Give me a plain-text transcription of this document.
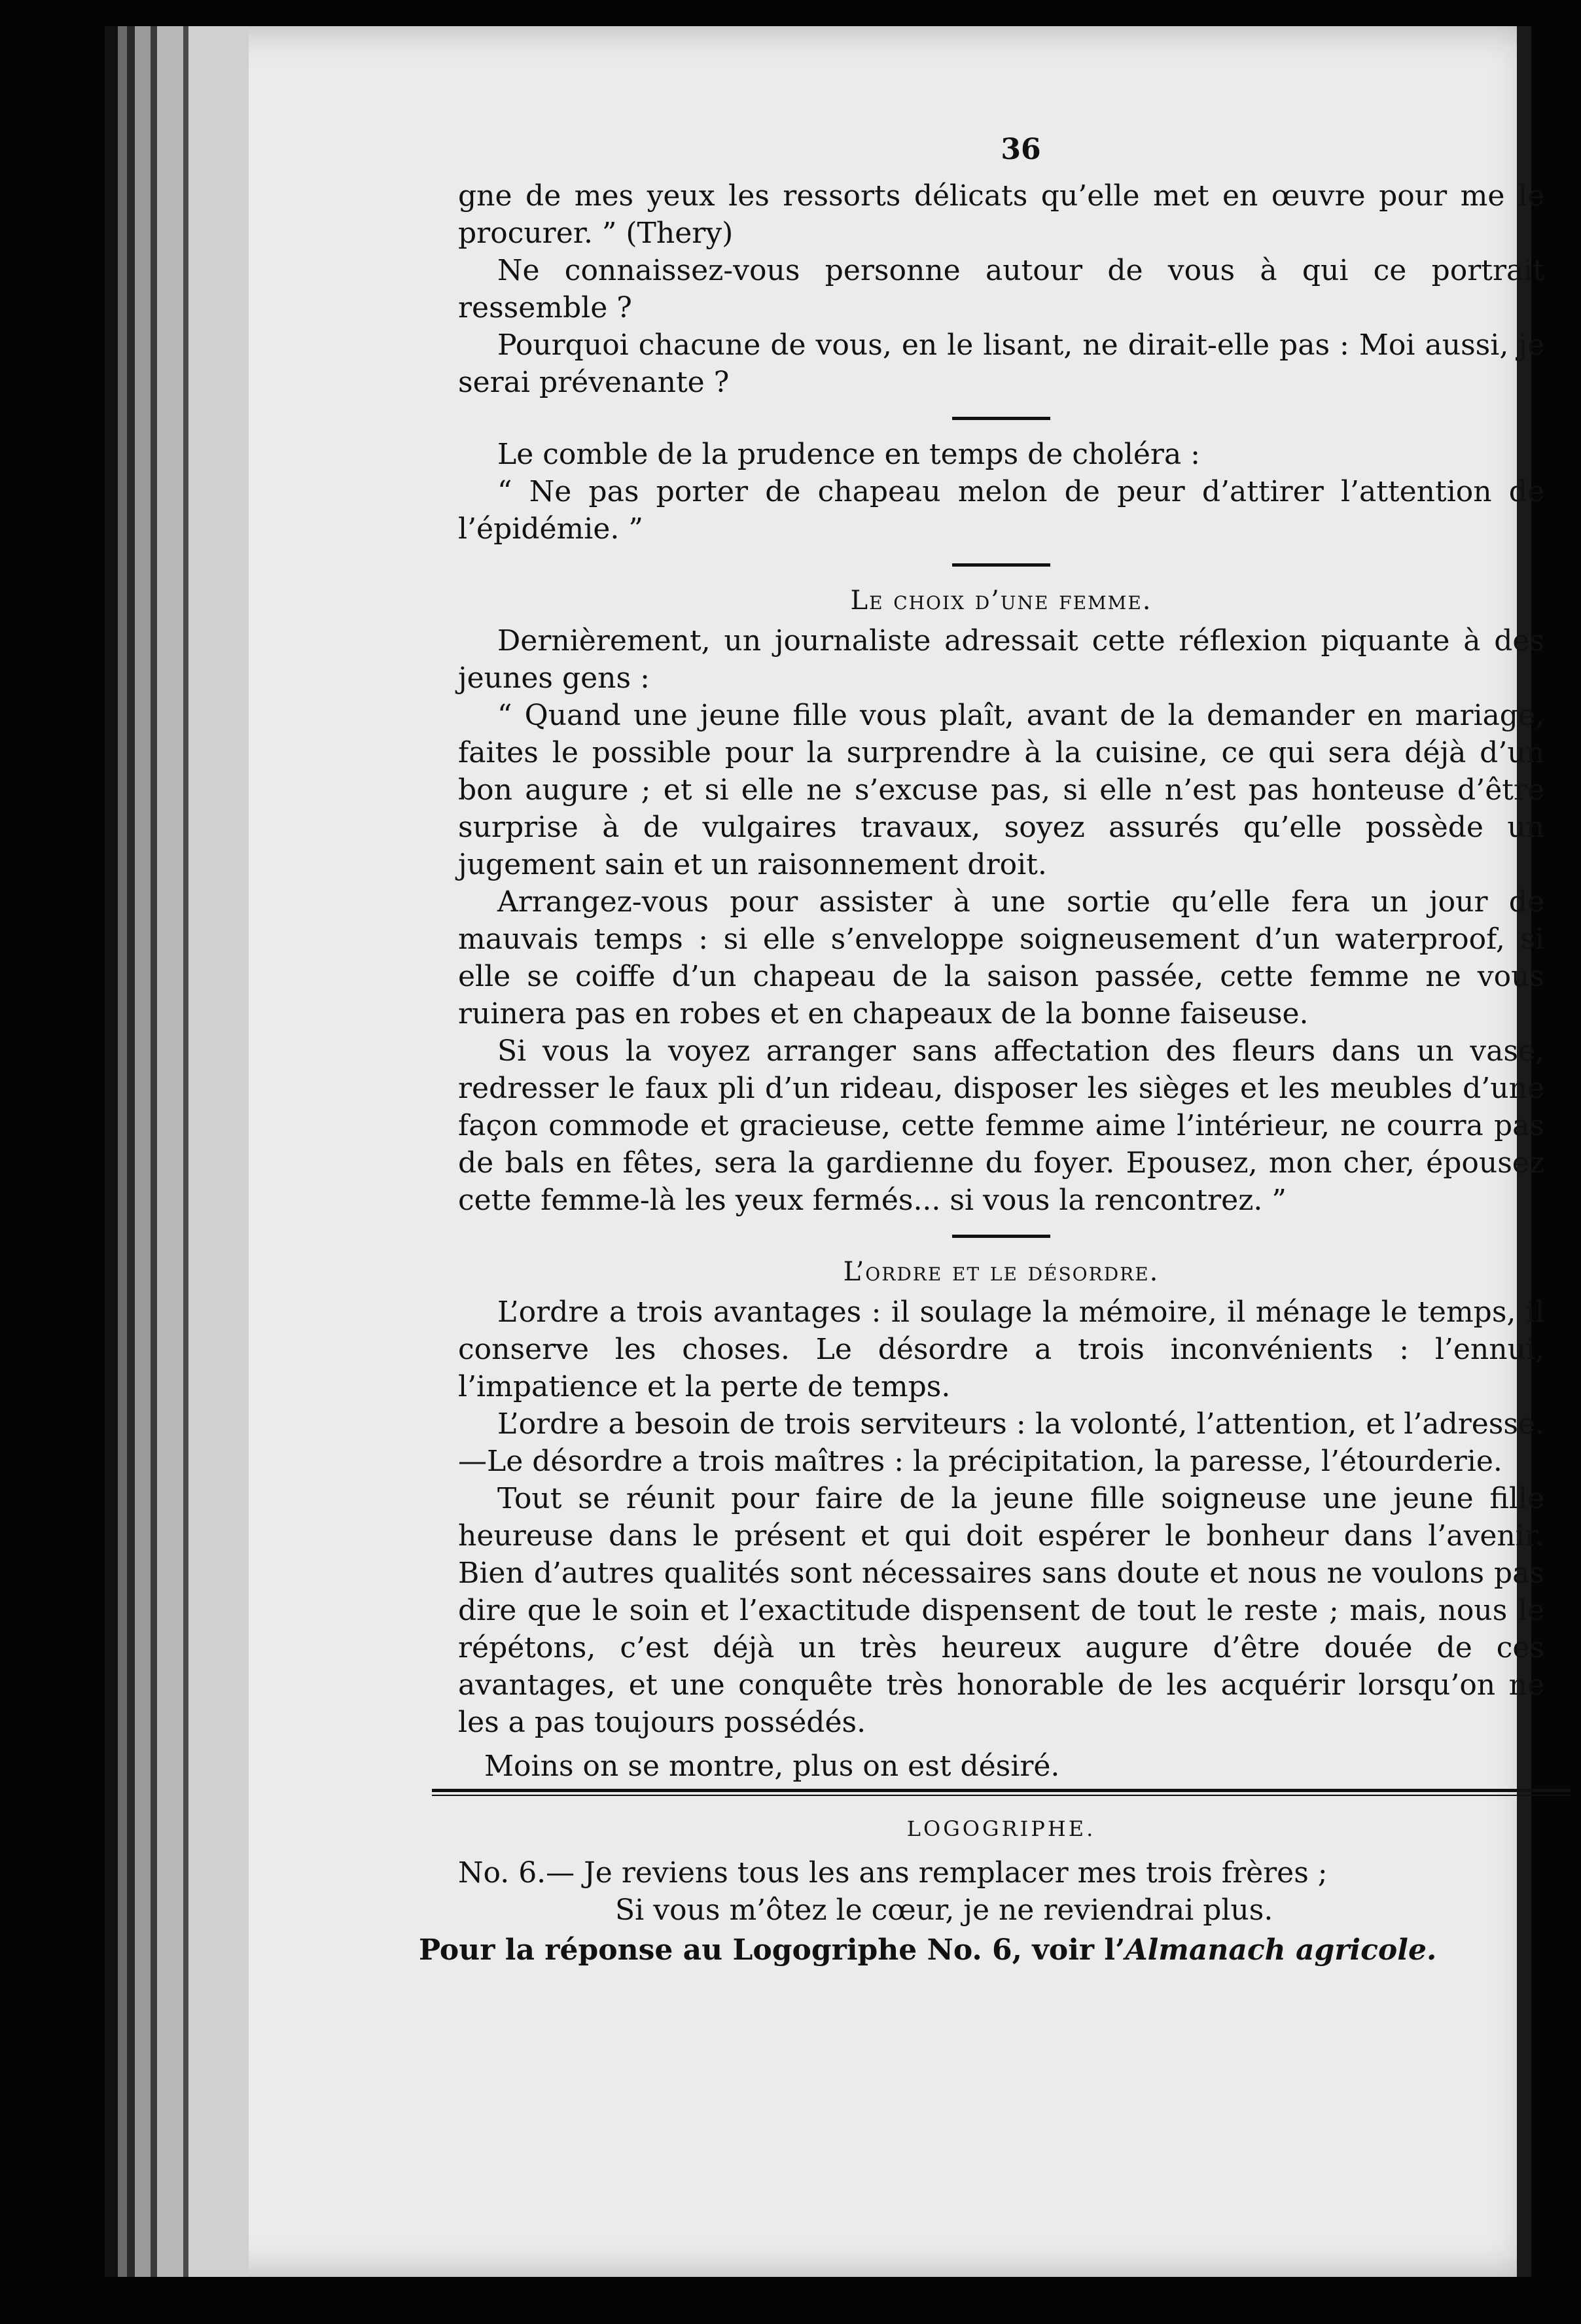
36

gne de mes yeux les ressorts délicats qu’elle met en œuvre pour me le procurer. ” (Thery)

Ne connaissez-vous personne autour de vous à qui ce portrait ressemble ?

Pourquoi chacune de vous, en le lisant, ne dirait-elle pas : Moi aussi, je serai prévenante ?

Le comble de la prudence en temps de choléra :

“ Ne pas porter de chapeau melon de peur d’attirer l’attention de l’épidémie. ”

Le choix d’une femme.

Dernièrement, un journaliste adressait cette réflexion piquante à des jeunes gens :

“ Quand une jeune fille vous plaît, avant de la demander en mariage, faites le possible pour la surprendre à la cuisine, ce qui sera déjà d’un bon augure ; et si elle ne s’excuse pas, si elle n’est pas honteuse d’être surprise à de vulgaires travaux, soyez assurés qu’elle possède un jugement sain et un raisonnement droit.

Arrangez-vous pour assister à une sortie qu’elle fera un jour de mauvais temps : si elle s’enveloppe soigneusement d’un waterproof, si elle se coiffe d’un chapeau de la saison passée, cette femme ne vous ruinera pas en robes et en chapeaux de la bonne faiseuse.

Si vous la voyez arranger sans affectation des fleurs dans un vase, redresser le faux pli d’un rideau, disposer les sièges et les meubles d’une façon commode et gracieuse, cette femme aime l’intérieur, ne courra pas de bals en fêtes, sera la gardienne du foyer. Epousez, mon cher, épousez cette femme-là les yeux fermés... si vous la rencontrez. ”

L’ordre et le désordre.

L’ordre a trois avantages : il soulage la mémoire, il ménage le temps, il conserve les choses. Le désordre a trois inconvénients : l’ennui, l’impatience et la perte de temps.

L’ordre a besoin de trois serviteurs : la volonté, l’attention, et l’adresse. —Le désordre a trois maîtres : la précipitation, la paresse, l’étourderie.

Tout se réunit pour faire de la jeune fille soigneuse une jeune fille heureuse dans le présent et qui doit espérer le bonheur dans l’avenir. Bien d’autres qualités sont nécessaires sans doute et nous ne voulons pas dire que le soin et l’exactitude dispensent de tout le reste ; mais, nous le répétons, c’est déjà un très heureux augure d’être douée de ces avantages, et une conquête très honorable de les acquérir lorsqu’on ne les a pas toujours possédés.

Moins on se montre, plus on est désiré.

LOGOGRIPHE.

No. 6.— Je reviens tous les ans remplacer mes trois frères ;

Si vous m’ôtez le cœur, je ne reviendrai plus.

Pour la réponse au Logogriphe No. 6, voir l’Almanach agricole.
